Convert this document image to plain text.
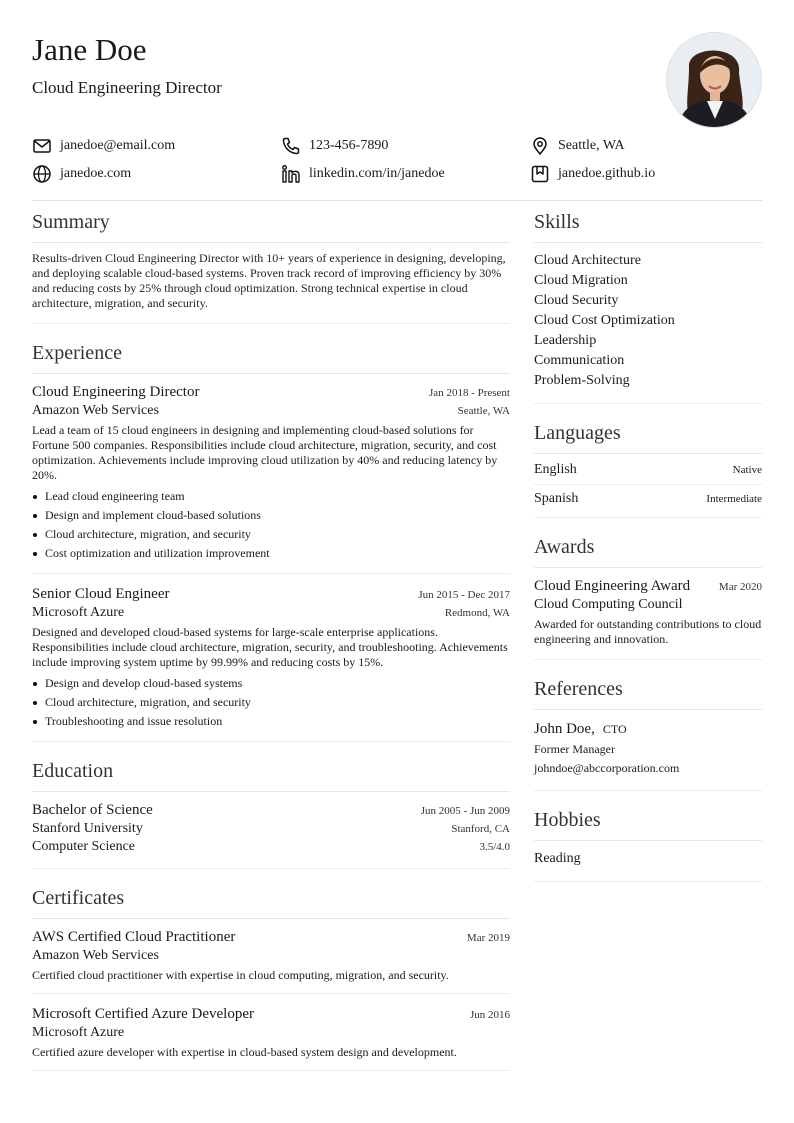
Jane Doe
Cloud Engineering Director
janedoe@email.com	123-456-7890	Seattle, WA
janedoe.com	linkedin.com/in/janedoe	janedoe.github.io
Summary

Results-driven Cloud Engineering Director with 10+ years of experience in designing, developing, and deploying scalable cloud-based systems. Proven track record of improving efficiency by 30% and reducing costs by 25% through cloud optimization. Strong technical expertise in cloud architecture, migration, and security.

Experience
Cloud Engineering Director	Jan 2018 - Present
Amazon Web Services	Seattle, WA

Lead a team of 15 cloud engineers in designing and implementing cloud-based solutions for Fortune 500 companies. Responsibilities include cloud architecture, migration, security, and cost optimization. Achievements include improving cloud utilization by 40% and reducing latency by 20%.

Lead cloud engineering team
Design and implement cloud-based solutions
Cloud architecture, migration, and security
Cost optimization and utilization improvement
Senior Cloud Engineer	Jun 2015 - Dec 2017
Microsoft Azure	Redmond, WA

Designed and developed cloud-based systems for large-scale enterprise applications. Responsibilities include cloud architecture, migration, security, and troubleshooting. Achievements include improving system uptime by 99.99% and reducing costs by 15%.

Design and develop cloud-based systems
Cloud architecture, migration, and security
Troubleshooting and issue resolution
Education
Bachelor of Science	Jun 2005 - Jun 2009
Stanford University	Stanford, CA
Computer Science	3.5/4.0
Certificates
AWS Certified Cloud Practitioner	Mar 2019
Amazon Web Services

Certified cloud practitioner with expertise in cloud computing, migration, and security.

Microsoft Certified Azure Developer	Jun 2016
Microsoft Azure

Certified azure developer with expertise in cloud-based system design and development.

Skills
Cloud Architecture
Cloud Migration
Cloud Security
Cloud Cost Optimization
Leadership
Communication
Problem-Solving
Languages
English	Native
Spanish	Intermediate
Awards
Cloud Engineering Award	Mar 2020
Cloud Computing Council

Awarded for outstanding contributions to cloud engineering and innovation.

References
John Doe, CTO
Former Manager
johndoe@abccorporation.com
Hobbies
Reading
